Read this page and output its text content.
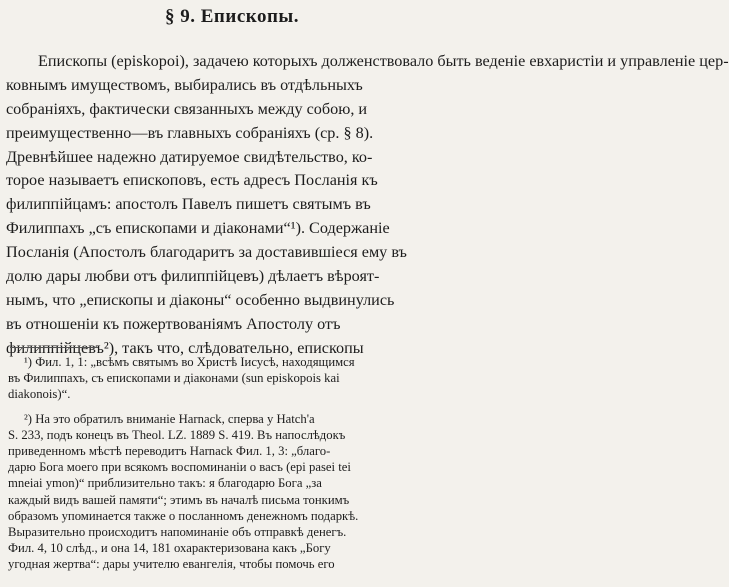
§ 9. Епископы.
Епископы (episkopoi), задачею которыхъ долженствовало быть веденіе евхаристіи и управленіе цер-
ковнымъ имуществомъ, выбирались въ отдѣльныхъ
собраніяхъ, фактически связанныхъ между собою, и
преимущественно—въ главныхъ собраніяхъ (ср. § 8).
Древнѣйшее надежно датируемое свидѣтельство, ко-
торое называетъ епископовъ, есть адресъ Посланія къ
филиппійцамъ: апостолъ Павелъ пишетъ святымъ въ
Филиппахъ „съ епископами и діаконами“¹). Содержаніе
Посланія (Апостолъ благодаритъ за доставившіеся ему въ
долю дары любви отъ филиппійцевъ) дѣлаетъ вѣроят-
нымъ, что „епископы и діаконы“ особенно выдвинулись
въ отношеніи къ пожертвованіямъ Апостолу отъ
филиппійцевъ²), такъ что, слѣдовательно, епископы
¹) Фил. 1, 1: „всѣмъ святымъ во Христѣ Іисусѣ, находящимся
въ Филиппахъ, съ епископами и діаконами (sun episkopois kai
diakonois)“.
²) На это обратилъ вниманіе Harnack, сперва у Hatch'а
S. 233, подъ конецъ въ Theol. LZ. 1889 S. 419. Въ напослѣдокъ
приведенномъ мѣстѣ переводитъ Harnack Фил. 1, 3: „благо-
дарю Бога моего при всякомъ воспоминаніи о васъ (epi pasei tei
mneiai ymon)“ приблизительно такъ: я благодарю Бога „за
каждый видъ вашей памяти“; этимъ въ началѣ письма тонкимъ
образомъ упоминается также о посланномъ денежномъ подаркѣ.
Выразительно происходитъ напоминаніе объ отправкѣ денегъ.
Фил. 4, 10 слѣд., и она 14, 181 охарактеризована какъ „Богу
угодная жертва“: дары учителю евангелія, чтобы помочь его
